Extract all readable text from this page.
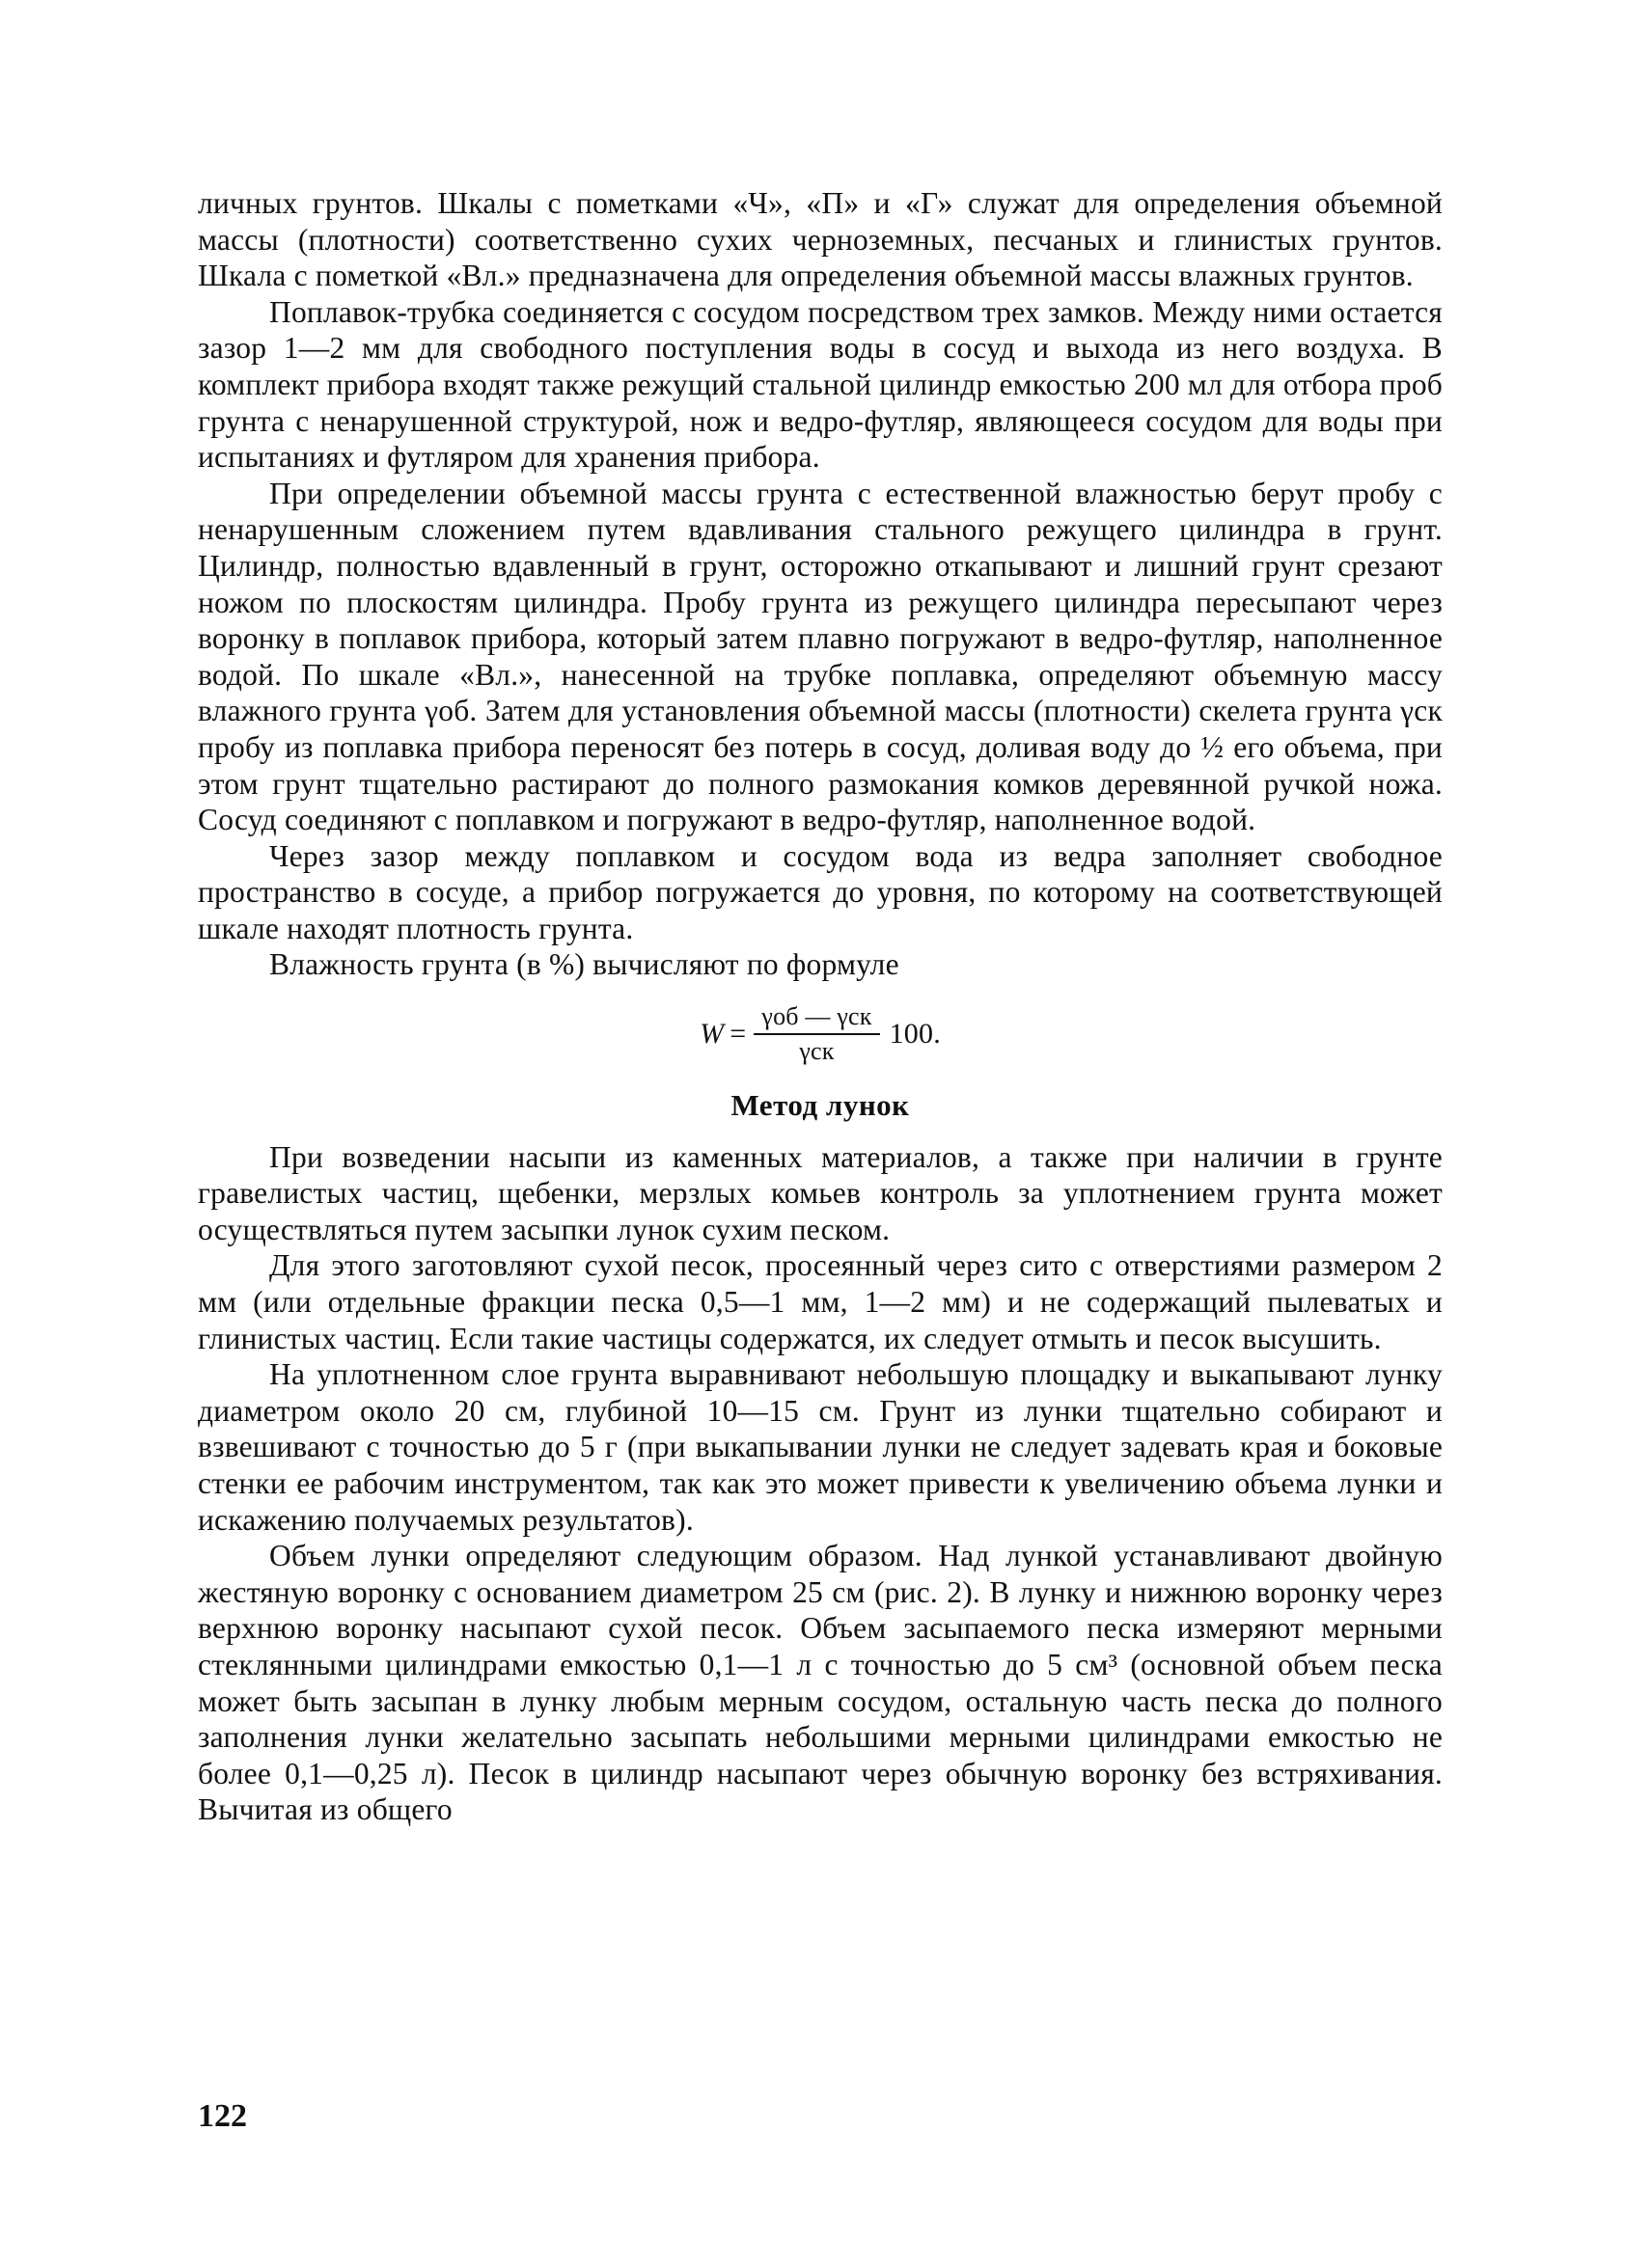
личных грунтов. Шкалы с пометками «Ч», «П» и «Г» служат для определения объемной массы (плотности) соответственно сухих черноземных, песчаных и глинистых грунтов. Шкала с пометкой «Вл.» предназначена для определения объемной массы влажных грунтов.

Поплавок-трубка соединяется с сосудом посредством трех замков. Между ними остается зазор 1—2 мм для свободного поступления воды в сосуд и выхода из него воздуха. В комплект прибора входят также режущий стальной цилиндр емкостью 200 мл для отбора проб грунта с ненарушенной структурой, нож и ведро-футляр, являющееся сосудом для воды при испытаниях и футляром для хранения прибора.

При определении объемной массы грунта с естественной влажностью берут пробу с ненарушенным сложением путем вдавливания стального режущего цилиндра в грунт. Цилиндр, полностью вдавленный в грунт, осторожно откапывают и лишний грунт срезают ножом по плоскостям цилиндра. Пробу грунта из режущего цилиндра пересыпают через воронку в поплавок прибора, который затем плавно погружают в ведро-футляр, наполненное водой. По шкале «Вл.», нанесенной на трубке поплавка, определяют объемную массу влажного грунта γоб. Затем для установления объемной массы (плотности) скелета грунта γск пробу из поплавка прибора переносят без потерь в сосуд, доливая воду до ½ его объема, при этом грунт тщательно растирают до полного размокания комков деревянной ручкой ножа. Сосуд соединяют с поплавком и погружают в ведро-футляр, наполненное водой.

Через зазор между поплавком и сосудом вода из ведра заполняет свободное пространство в сосуде, а прибор погружается до уровня, по которому на соответствующей шкале находят плотность грунта.

Влажность грунта (в %) вычисляют по формуле

$W = \frac{\text{γоб — γск}}{\text{γск}} 100$.
Метод лунок

При возведении насыпи из каменных материалов, а также при наличии в грунте гравелистых частиц, щебенки, мерзлых комьев контроль за уплотнением грунта может осуществляться путем засыпки лунок сухим песком.

Для этого заготовляют сухой песок, просеянный через сито с отверстиями размером 2 мм (или отдельные фракции песка 0,5—1 мм, 1—2 мм) и не содержащий пылеватых и глинистых частиц. Если такие частицы содержатся, их следует отмыть и песок высушить.

На уплотненном слое грунта выравнивают небольшую площадку и выкапывают лунку диаметром около 20 см, глубиной 10—15 см. Грунт из лунки тщательно собирают и взвешивают с точностью до 5 г (при выкапывании лунки не следует задевать края и боковые стенки ее рабочим инструментом, так как это может привести к увеличению объема лунки и искажению получаемых результатов).

Объем лунки определяют следующим образом. Над лункой устанавливают двойную жестяную воронку с основанием диаметром 25 см (рис. 2). В лунку и нижнюю воронку через верхнюю воронку насыпают сухой песок. Объем засыпаемого песка измеряют мерными стеклянными цилиндрами емкостью 0,1—1 л с точностью до 5 см³ (основной объем песка может быть засыпан в лунку любым мерным сосудом, остальную часть песка до полного заполнения лунки желательно засыпать небольшими мерными цилиндрами емкостью не более 0,1—0,25 л). Песок в цилиндр насыпают через обычную воронку без встряхивания. Вычитая из общего

122
